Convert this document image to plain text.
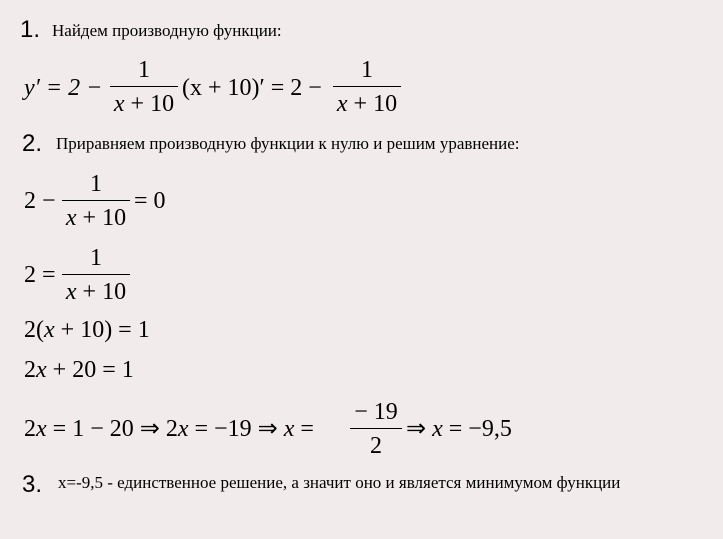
1. Найдем производную функции:
y′ = 2 −
1
x + 10
(x + 10)′ = 2 −
1
x + 10
2. Приравняем производную функции к нулю и решим уравнение:
2 −
1
x + 10
= 0
2 =
1
x + 10
2(x + 10) = 1
2x + 20 = 1
2x = 1 − 20 ⇒ 2x = −19 ⇒ x =
− 19
2
⇒ x = −9,5
3. x=-9,5 - единственное решение, а значит оно и является минимумом функции
